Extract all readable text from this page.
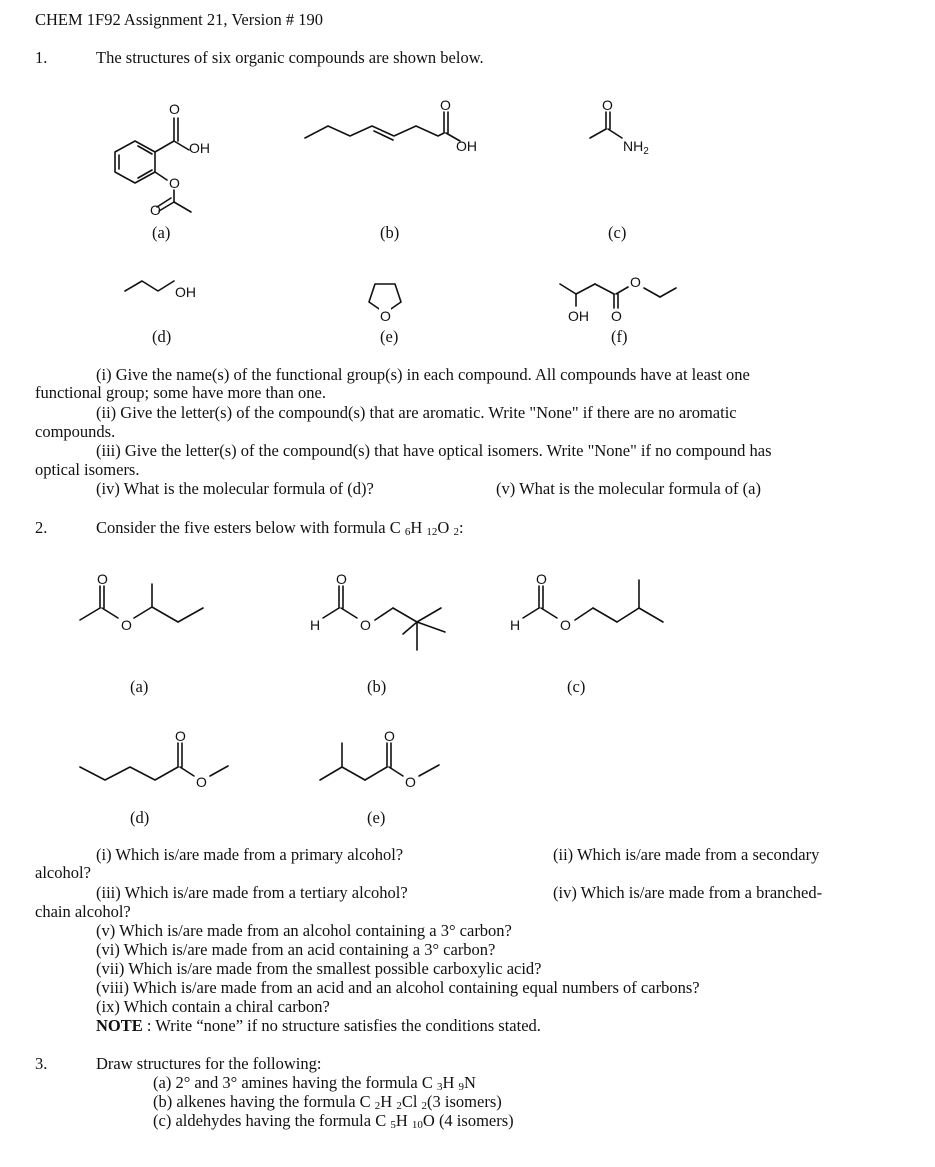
CHEM 1F92 Assignment 21, Version # 190
1.	The structures of six organic compounds are shown below.
O
OH
O
O
O
OH
O
$NH_2$
(a)	(b)	(c)
OH
O	OH O
O
(d)	(e)	(f)
(i) Give the name(s) of the functional group(s) in each compound. All compounds have at least one
functional group; some have more than one.
(ii) Give the letter(s) of the compound(s) that are aromatic. Write "None" if there are no aromatic
compounds.
(iii) Give the letter(s) of the compound(s) that have optical isomers. Write "None" if no compound has
optical isomers.
(iv) What is the molecular formula of (d)?	(v) What is the molecular formula of (a)
2.	Consider the five esters below with formula C 6H 12O 2:
O
O	H
O
O	H
O
O
(a)	(b)	(c)
O
O
O
O
(d)	(e)
(i) Which is/are made from a primary alcohol?	(ii) Which is/are made from a secondary
alcohol?
(iii) Which is/are made from a tertiary alcohol?	(iv) Which is/are made from a branched-
chain alcohol?
(v) Which is/are made from an alcohol containing a 3° carbon?
(vi) Which is/are made from an acid containing a 3° carbon?
(vii) Which is/are made from the smallest possible carboxylic acid?
(viii) Which is/are made from an acid and an alcohol containing equal numbers of carbons?
(ix) Which contain a chiral carbon?
NOTE : Write “none” if no structure satisfies the conditions stated.
3.	Draw structures for the following:
(a) 2° and 3° amines having the formula C 3H 9N
(b) alkenes having the formula C 2H 2Cl 2(3 isomers)
(c) aldehydes having the formula C 5H 10O (4 isomers)
